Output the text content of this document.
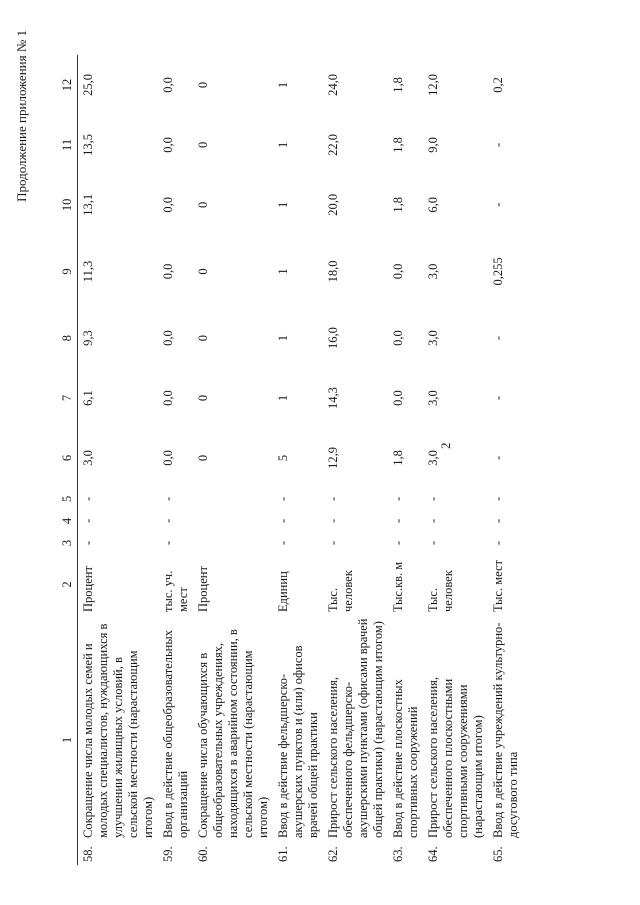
Продолжение приложения № 1
2
1		2	3	4	5	6	7	8	9	10	11	12
58.	Сокращение числа молодых семей и молодых специалистов, нуждающихся в улучшении жилищных условий, в сельской местности (нарастающим итогом)	Процент	-	-	-	3,0	6,1	9,3	11,3	13,1	13,5	25,0
59.	Ввод в действие общеобразовательных организаций	тыс. уч. мест	-	-	-	0,0	0,0	0,0	0,0	0,0	0,0	0,0
60.	Сокращение числа обучающихся в общеобразовательных учреждениях, находящихся в аварийном состоянии, в сельской местности (нарастающим итогом)	Процент				0	0	0	0	0	0	0
61.	Ввод в действие фельдшерско-акушерских пунктов и (или) офисов врачей общей практики	Единиц	-	-	-	5	1	1	1	1	1	1
62.	Прирост сельского населения, обеспеченного фельдшерско-акушерскими пунктами (офисами врачей общей практики) (нарастающим итогом)	Тыс. человек	-	-	-	12,9	14,3	16,0	18,0	20,0	22,0	24,0
63.	Ввод в действие плоскостных спортивных сооружений	Тыс.кв. м	-	-	-	1,8	0,0	0,0	0,0	1,8	1,8	1,8
64.	Прирост сельского населения, обеспеченного плоскостными спортивными сооружениями (нарастающим итогом)	Тыс. человек	-	-	-	3,0	3,0	3,0	3,0	6,0	9,0	12,0
65.	Ввод в действие учреждений культурно-досугового типа	Тыс. мест	-	-	-	-	-	-	0,255	-	-	0,2
